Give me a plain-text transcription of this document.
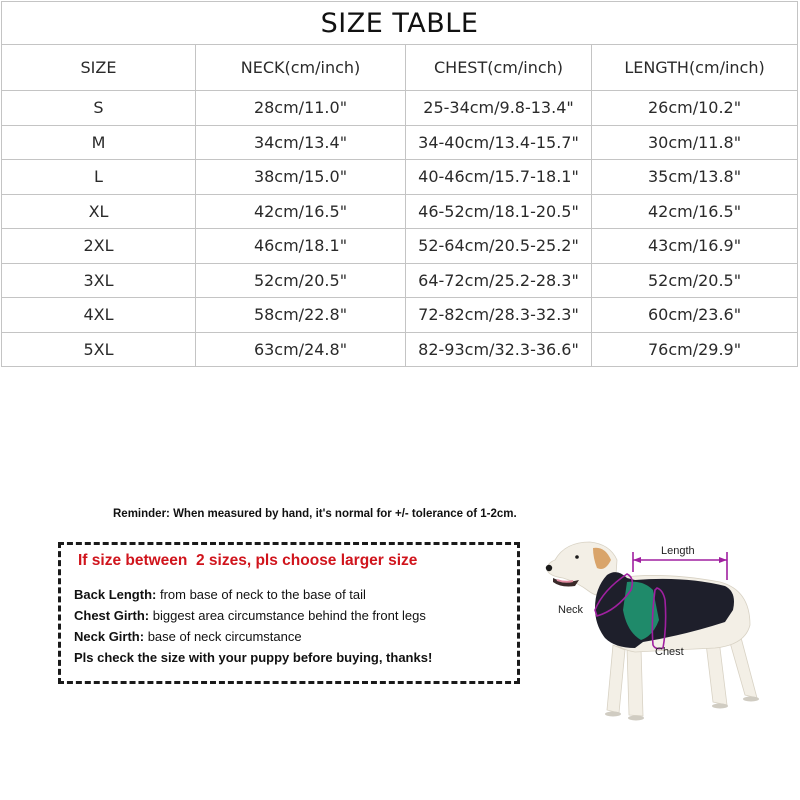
SIZE TABLE			
SIZE	NECK(cm/inch)	CHEST(cm/inch)	LENGTH(cm/inch)
S	28cm/11.0"	25-34cm/9.8-13.4"	26cm/10.2"
M	34cm/13.4"	34-40cm/13.4-15.7"	30cm/11.8"
L	38cm/15.0"	40-46cm/15.7-18.1"	35cm/13.8"
XL	42cm/16.5"	46-52cm/18.1-20.5"	42cm/16.5"
2XL	46cm/18.1"	52-64cm/20.5-25.2"	43cm/16.9"
3XL	52cm/20.5"	64-72cm/25.2-28.3"	52cm/20.5"
4XL	58cm/22.8"	72-82cm/28.3-32.3"	60cm/23.6"
5XL	63cm/24.8"	82-93cm/32.3-36.6"	76cm/29.9"
Reminder: When measured by hand, it's normal for +/- tolerance of 1-2cm.
If size between  2 sizes, pls choose larger size
Back Length: from base of neck to the base of tail
Chest Girth: biggest area circumstance behind the front legs
Neck Girth: base of neck circumstance
Pls check the size with your puppy before buying, thanks!
Length
Neck
Chest
